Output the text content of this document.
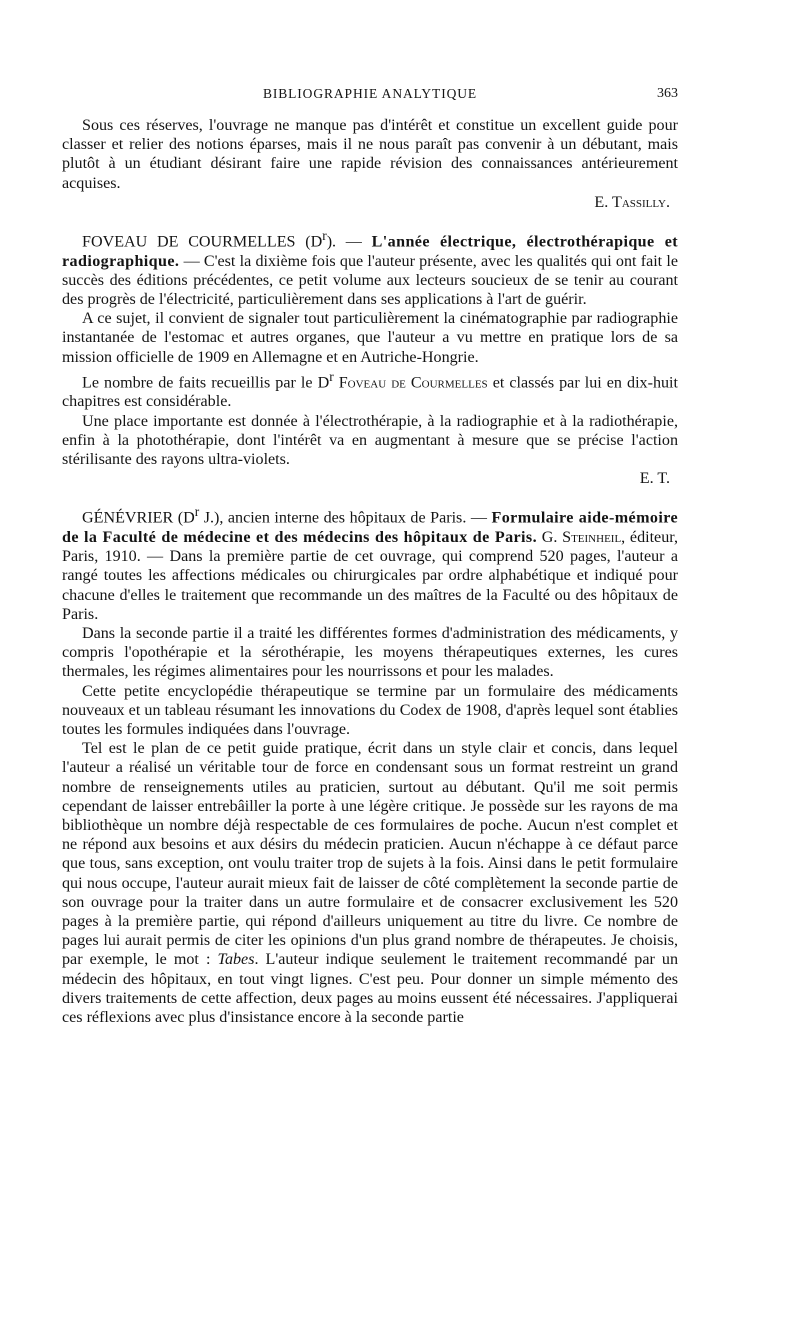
BIBLIOGRAPHIE ANALYTIQUE	363

Sous ces réserves, l'ouvrage ne manque pas d'intérêt et constitue un excellent guide pour classer et relier des notions éparses, mais il ne nous paraît pas convenir à un débutant, mais plutôt à un étudiant désirant faire une rapide révision des connaissances antérieurement acquises.

E. Tassilly.

FOVEAU DE COURMELLES $(D^r)$. — L'année électrique, électrothérapique et radiographique. — C'est la dixième fois que l'auteur présente, avec les qualités qui ont fait le succès des éditions précédentes, ce petit volume aux lecteurs soucieux de se tenir au courant des progrès de l'électricité, particulièrement dans ses applications à l'art de guérir.

A ce sujet, il convient de signaler tout particulièrement la cinématographie par radiographie instantanée de l'estomac et autres organes, que l'auteur a vu mettre en pratique lors de sa mission officielle de 1909 en Allemagne et en Autriche-Hongrie.

Le nombre de faits recueillis par le $D^r$ Foveau de Courmelles et classés par lui en dix-huit chapitres est considérable.

Une place importante est donnée à l'électrothérapie, à la radiographie et à la radiothérapie, enfin à la photothérapie, dont l'intérêt va en augmentant à mesure que se précise l'action stérilisante des rayons ultra-violets.

E. T.

GÉNÉVRIER ($D^r$ J.), ancien interne des hôpitaux de Paris. — Formulaire aide-mémoire de la Faculté de médecine et des médecins des hôpitaux de Paris. G. Steinheil, éditeur, Paris, 1910. — Dans la première partie de cet ouvrage, qui comprend 520 pages, l'auteur a rangé toutes les affections médicales ou chirurgicales par ordre alphabétique et indiqué pour chacune d'elles le traitement que recommande un des maîtres de la Faculté ou des hôpitaux de Paris.

Dans la seconde partie il a traité les différentes formes d'administration des médicaments, y compris l'opothérapie et la sérothérapie, les moyens thérapeutiques externes, les cures thermales, les régimes alimentaires pour les nourrissons et pour les malades.

Cette petite encyclopédie thérapeutique se termine par un formulaire des médicaments nouveaux et un tableau résumant les innovations du Codex de 1908, d'après lequel sont établies toutes les formules indiquées dans l'ouvrage.

Tel est le plan de ce petit guide pratique, écrit dans un style clair et concis, dans lequel l'auteur a réalisé un véritable tour de force en condensant sous un format restreint un grand nombre de renseignements utiles au praticien, surtout au débutant. Qu'il me soit permis cependant de laisser entrebâiller la porte à une légère critique. Je possède sur les rayons de ma bibliothèque un nombre déjà respectable de ces formulaires de poche. Aucun n'est complet et ne répond aux besoins et aux désirs du médecin praticien. Aucun n'échappe à ce défaut parce que tous, sans exception, ont voulu traiter trop de sujets à la fois. Ainsi dans le petit formulaire qui nous occupe, l'auteur aurait mieux fait de laisser de côté complètement la seconde partie de son ouvrage pour la traiter dans un autre formulaire et de consacrer exclusivement les 520 pages à la première partie, qui répond d'ailleurs uniquement au titre du livre. Ce nombre de pages lui aurait permis de citer les opinions d'un plus grand nombre de thérapeutes. Je choisis, par exemple, le mot : Tabes. L'auteur indique seulement le traitement recommandé par un médecin des hôpitaux, en tout vingt lignes. C'est peu. Pour donner un simple mémento des divers traitements de cette affection, deux pages au moins eussent été nécessaires. J'appliquerai ces réflexions avec plus d'insistance encore à la seconde partie
